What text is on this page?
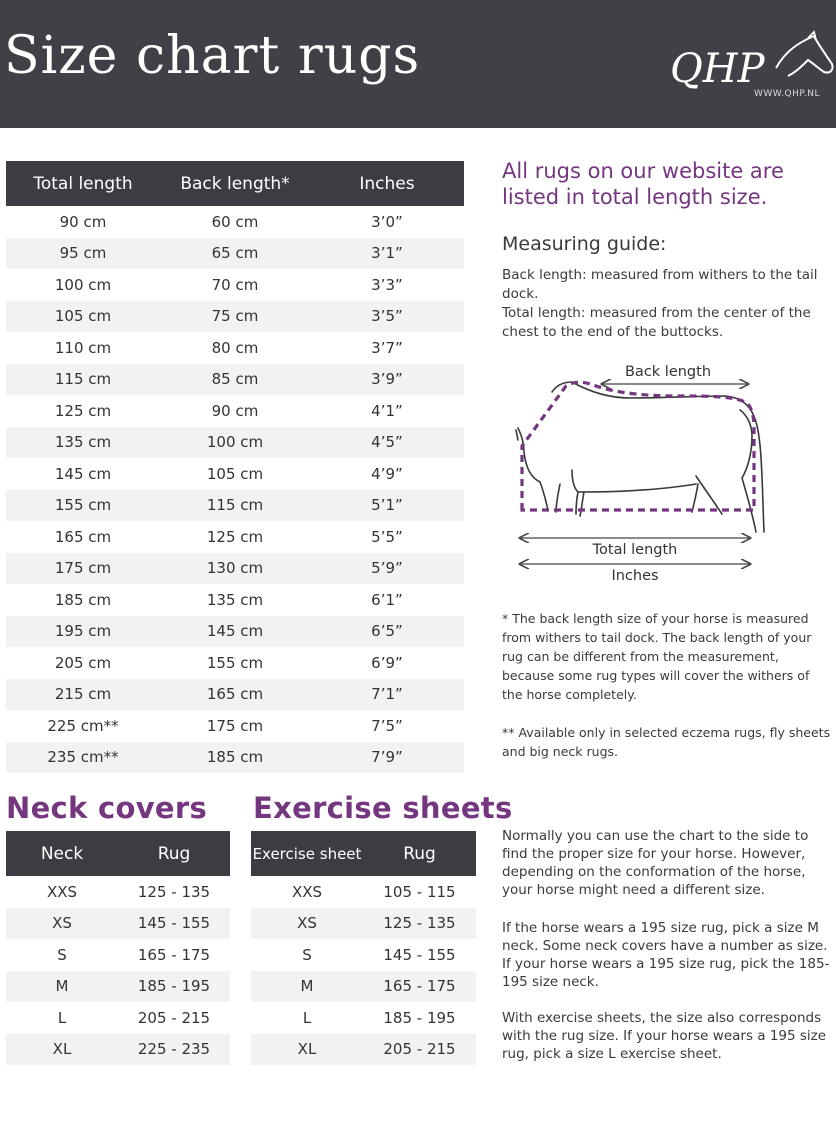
Size chart rugs	QHP
WWW.QHP.NL
Total length	Back length*	Inches
90 cm	60 cm	3’0”
95 cm	65 cm	3’1”
100 cm	70 cm	3’3”
105 cm	75 cm	3’5”
110 cm	80 cm	3’7”
115 cm	85 cm	3’9”
125 cm	90 cm	4’1”
135 cm	100 cm	4’5”
145 cm	105 cm	4’9”
155 cm	115 cm	5’1”
165 cm	125 cm	5’5”
175 cm	130 cm	5’9”
185 cm	135 cm	6’1”
195 cm	145 cm	6’5”
205 cm	155 cm	6’9”
215 cm	165 cm	7’1”
225 cm**	175 cm	7’5”
235 cm**	185 cm	7’9”
Neck covers
Neck	Rug
XXS	125 - 135
XS	145 - 155
S	165 - 175
M	185 - 195
L	205 - 215
XL	225 - 235
Exercise sheets
Exercise sheet	Rug
XXS	105 - 115
XS	125 - 135
S	145 - 155
M	165 - 175
L	185 - 195
XL	205 - 215
All rugs on our website are listed in total length size.
Measuring guide:
Back length: measured from withers to the tail dock.
Total length: measured from the center of the chest to the end of the buttocks.
Back length
Total length
Inches
* The back length size of your horse is measured from withers to tail dock. The back length of your rug can be different from the measurement, because some rug types will cover the withers of the horse completely.
** Available only in selected eczema rugs, fly sheets and big neck rugs.
Normally you can use the chart to the side to find the proper size for your horse. However, depending on the conformation of the horse, your horse might need a different size.
If the horse wears a 195 size rug, pick a size M neck. Some neck covers have a number as size. If your horse wears a 195 size rug, pick the 185-195 size neck.
With exercise sheets, the size also corresponds with the rug size. If your horse wears a 195 size rug, pick a size L exercise sheet.
